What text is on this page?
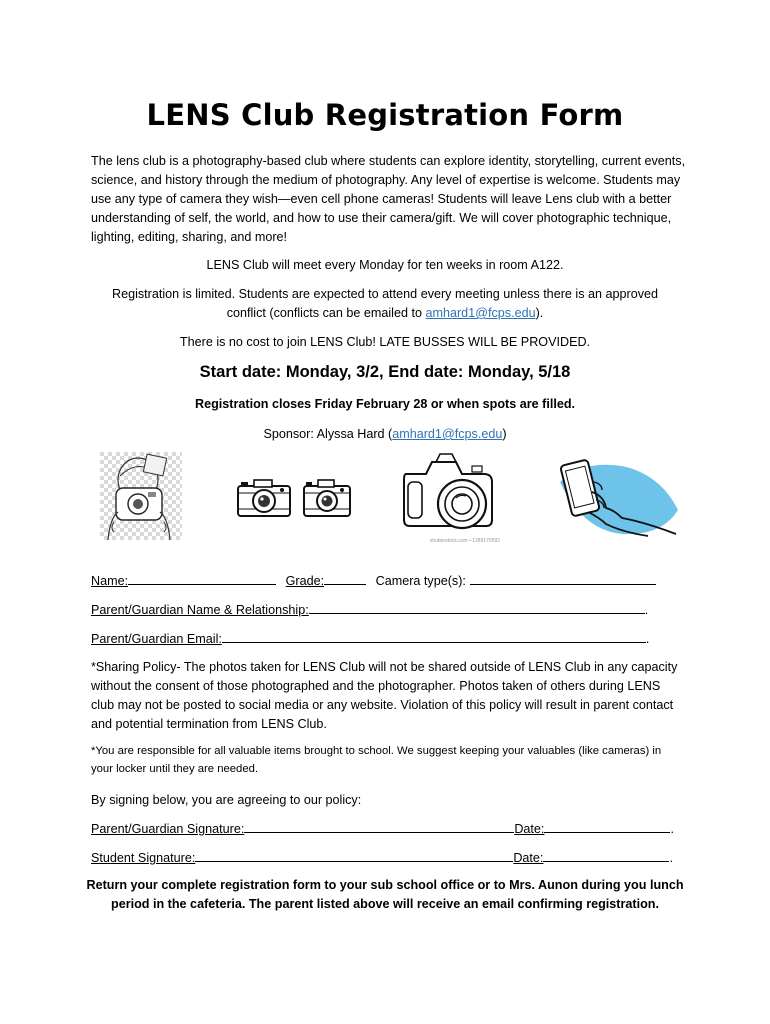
LENS Club Registration Form
The lens club is a photography-based club where students can explore identity, storytelling, current events, science, and history through the medium of photography. Any level of expertise is welcome. Students may use any type of camera they wish—even cell phone cameras! Students will leave Lens club with a better understanding of self, the world, and how to use their camera/gift. We will cover photographic technique, lighting, editing, sharing, and more!
LENS Club will meet every Monday for ten weeks in room A122.
Registration is limited. Students are expected to attend every meeting unless there is an approved
conflict (conflicts can be emailed to amhard1@fcps.edu).
There is no cost to join LENS Club! LATE BUSSES WILL BE PROVIDED.
Start date: Monday, 3/2, End date: Monday, 5/18
Registration closes Friday February 28 or when spots are filled.
Sponsor: Alyssa Hard (amhard1@fcps.edu)
shutterstock.com • 1289170592
Name:	Grade:	Camera type(s):
Parent/Guardian Name & Relationship:	.
Parent/Guardian Email:	.
*Sharing Policy- The photos taken for LENS Club will not be shared outside of LENS Club in any capacity without the consent of those photographed and the photographer. Photos taken of others during LENS club may not be posted to social media or any website. Violation of this policy will result in parent contact and potential termination from LENS Club.
*You are responsible for all valuable items brought to school. We suggest keeping your valuables (like cameras) in your locker until they are needed.
By signing below, you are agreeing to our policy:
Parent/Guardian Signature:	Date:	.
Student Signature:	Date:	.
Return your complete registration form to your sub school office or to Mrs. Aunon during you lunch period in the cafeteria. The parent listed above will receive an email confirming registration.
